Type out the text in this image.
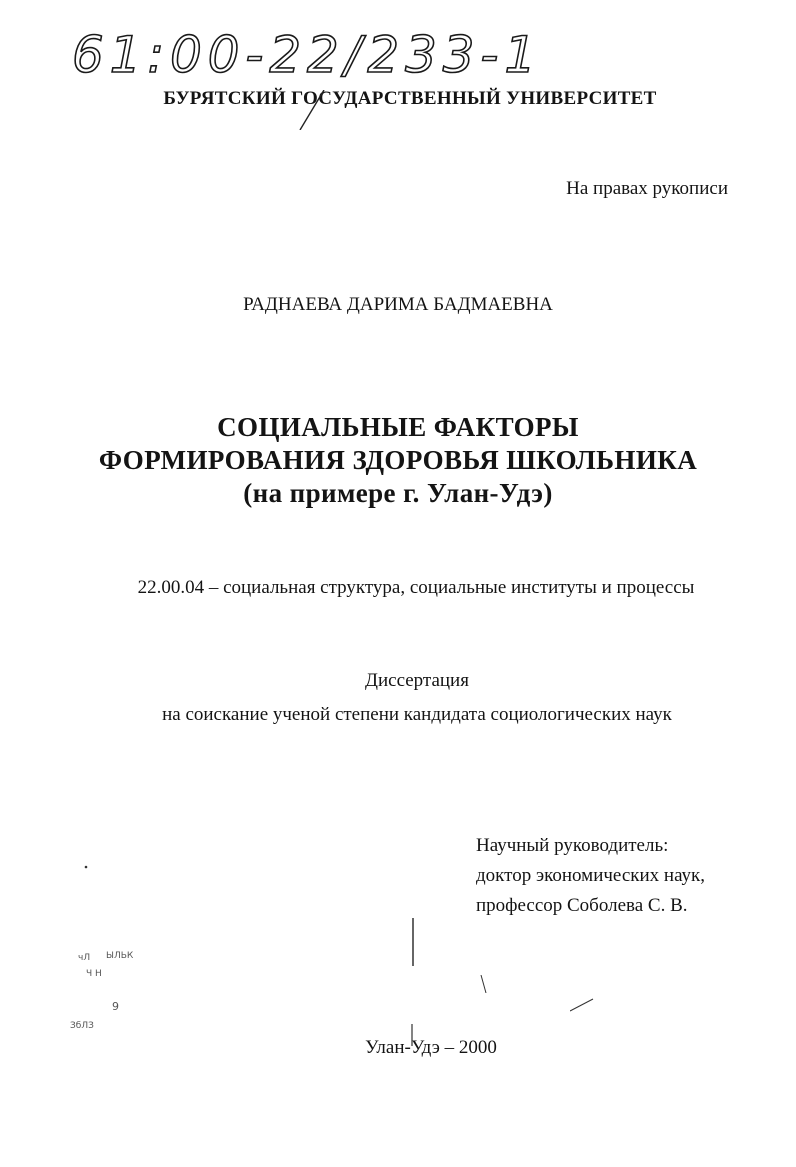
61:00-22/233-1
БУРЯТСКИЙ ГОСУДАРСТВЕННЫЙ УНИВЕРСИТЕТ
На правах рукописи
РАДНАЕВА ДАРИМА БАДМАЕВНА
СОЦИАЛЬНЫЕ ФАКТОРЫ
ФОРМИРОВАНИЯ ЗДОРОВЬЯ ШКОЛЬНИКА
(на примере г. Улан-Удэ)
22.00.04 – социальная структура, социальные институты и процессы
Диссертация
на соискание ученой степени кандидата социологических наук
Научный руководитель:
доктор экономических наук,
профессор Соболева С. В.
Улан-Удэ – 2000
чЛ ЫЛЬК
Ч Н
9
ЗбЛЗ
